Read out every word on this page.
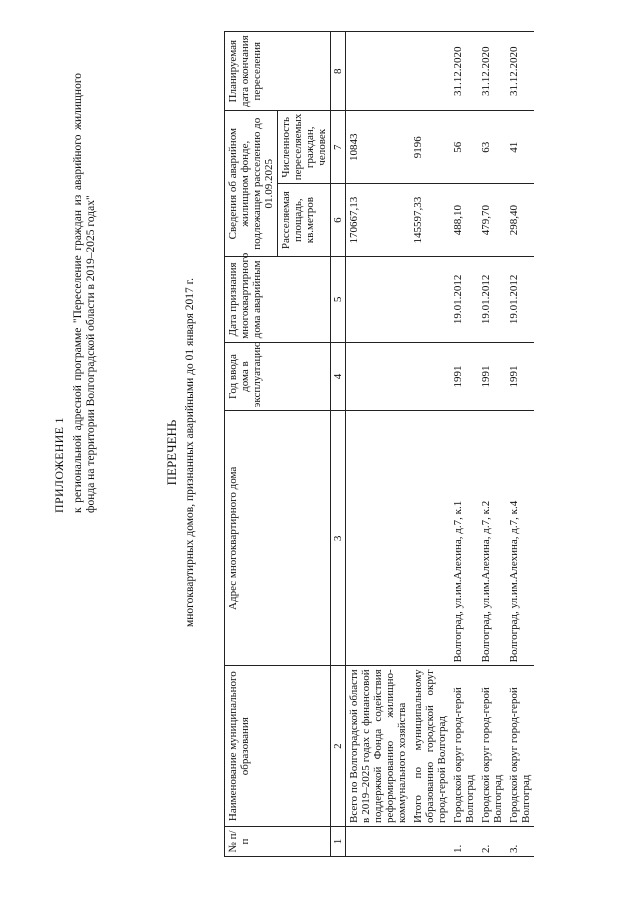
ПРИЛОЖЕНИЕ 1 к региональной адресной программе "Переселение граждан из аварийного жилищного фонда на территории Волгоградской области в 2019–2025 годах"	ПЕРЕЧЕНЬ многоквартирных домов, признанных аварийными до 01 января 2017 г.
№ п/п	Наименование муниципального образования	Адрес многоквартирного дома	Год ввода дома в эксплуатацию	Дата признания многоквартирного дома аварийным	Сведения об аварийном жилищном фонде, подлежащем расселению до 01.09.2025		Планируемая дата окончания переселения
					Расселяемая площадь, кв.метров	Численность переселяемых граждан, человек	
1	2	3	4	5	6	7	8
	Всего по Волгоградской области в 2019–2025 годах с финансовой поддержкой Фонда содействия реформированию жилищно-коммунального хозяйства				170667,13	10843	
	Итого по муниципальному образованию городской округ город-герой Волгоград				145597,33	9196	
1.	Городской округ город-герой Волгоград	Волгоград, ул.им.Алехина, д.7, к.1	1991	19.01.2012	488,10	56	31.12.2020
2.	Городской округ город-герой Волгоград	Волгоград, ул.им.Алехина, д.7, к.2	1991	19.01.2012	479,70	63	31.12.2020
3.	Городской округ город-герой Волгоград	Волгоград, ул.им.Алехина, д.7, к.4	1991	19.01.2012	298,40	41	31.12.2020
